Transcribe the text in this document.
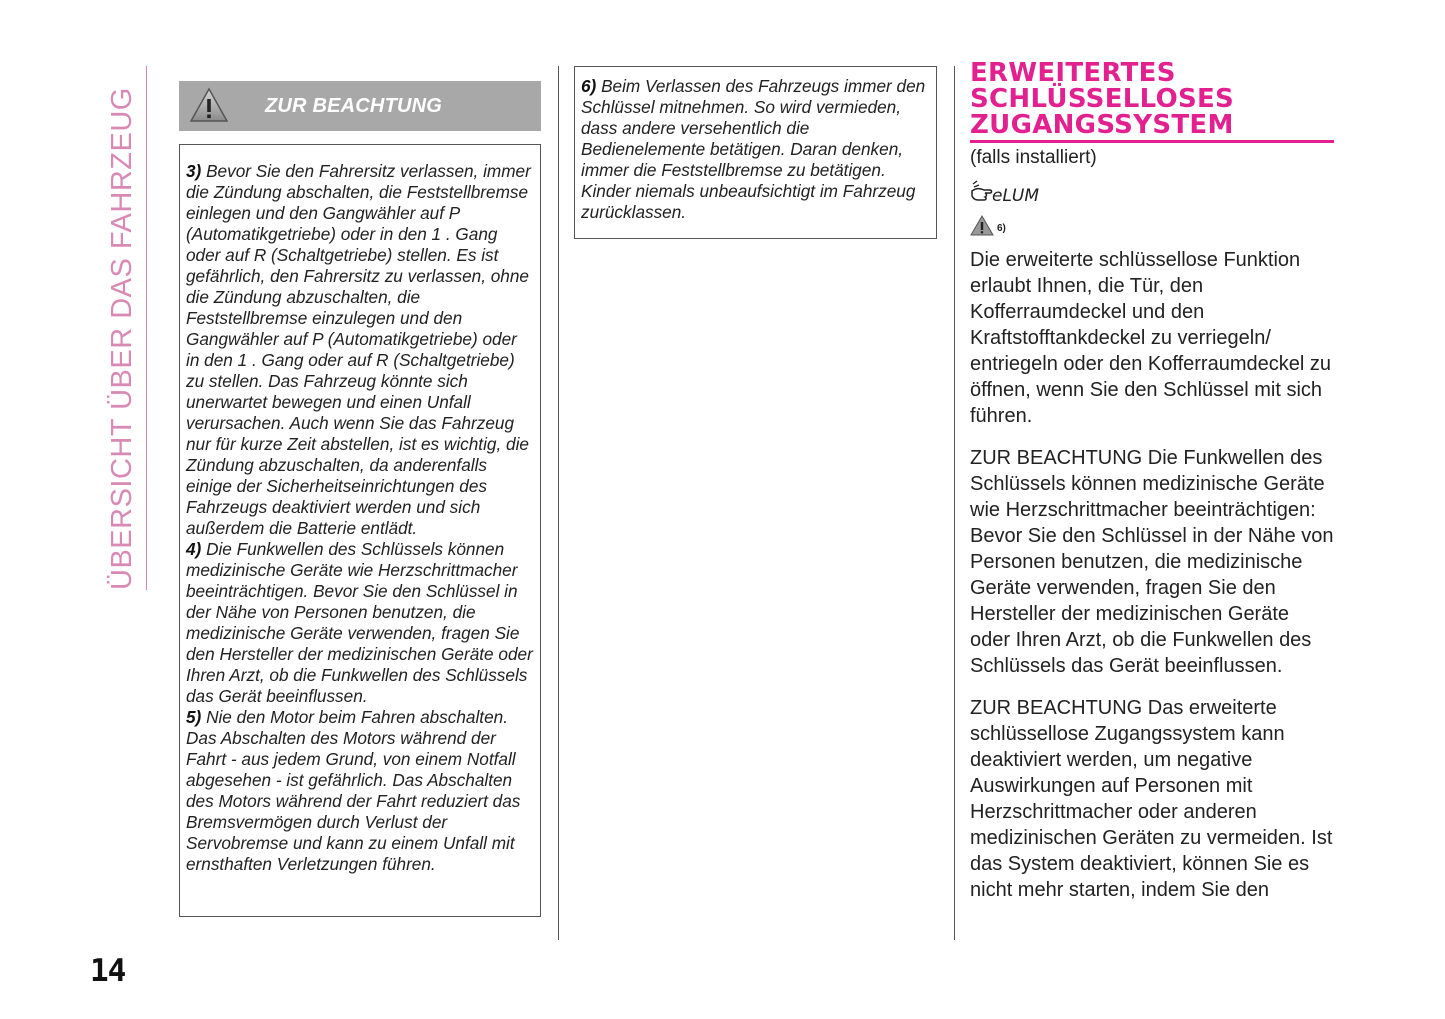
ÜBERSICHT ÜBER DAS FAHRZEUG
14
ZUR BEACHTUNG

3) Bevor Sie den Fahrersitz verlassen, immer die Zündung abschalten, die Feststellbremse einlegen und den Gangwähler auf P (Automatikgetriebe) oder in den 1 . Gang oder auf R (Schaltgetriebe) stellen. Es ist gefährlich, den Fahrersitz zu verlassen, ohne die Zündung abzuschalten, die Feststellbremse einzulegen und den Gangwähler auf P (Automatikgetriebe) oder in den 1 . Gang oder auf R (Schaltgetriebe) zu stellen. Das Fahrzeug könnte sich unerwartet bewegen und einen Unfall verursachen. Auch wenn Sie das Fahrzeug nur für kurze Zeit abstellen, ist es wichtig, die Zündung abzuschalten, da anderenfalls einige der Sicherheitseinrichtungen des Fahrzeugs deaktiviert werden und sich außerdem die Batterie entlädt.

4) Die Funkwellen des Schlüssels können medizinische Geräte wie Herzschrittmacher beeinträchtigen. Bevor Sie den Schlüssel in der Nähe von Personen benutzen, die medizinische Geräte verwenden, fragen Sie den Hersteller der medizinischen Geräte oder Ihren Arzt, ob die Funkwellen des Schlüssels das Gerät beeinflussen.

5) Nie den Motor beim Fahren abschalten. Das Abschalten des Motors während der Fahrt - aus jedem Grund, von einem Notfall abgesehen - ist gefährlich. Das Abschalten des Motors während der Fahrt reduziert das Bremsvermögen durch Verlust der Servobremse und kann zu einem Unfall mit ernsthaften Verletzungen führen.

6) Beim Verlassen des Fahrzeugs immer den Schlüssel mitnehmen. So wird vermieden, dass andere versehentlich die Bedienelemente betätigen. Daran denken, immer die Feststellbremse zu betätigen. Kinder niemals unbeaufsichtigt im Fahrzeug zurücklassen.

ERWEITERTES
SCHLÜSSELLOSES
ZUGANGSSYSTEM
(falls installiert)
eLUM
6)

Die erweiterte schlüssellose Funktion erlaubt Ihnen, die Tür, den Kofferraumdeckel und den Kraftstofftankdeckel zu verriegeln/ entriegeln oder den Kofferraumdeckel zu öffnen, wenn Sie den Schlüssel mit sich führen.

ZUR BEACHTUNG Die Funkwellen des Schlüssels können medizinische Geräte wie Herzschrittmacher beeinträchtigen: Bevor Sie den Schlüssel in der Nähe von Personen benutzen, die medizinische Geräte verwenden, fragen Sie den Hersteller der medizinischen Geräte oder Ihren Arzt, ob die Funkwellen des Schlüssels das Gerät beeinflussen.

ZUR BEACHTUNG Das erweiterte schlüssellose Zugangssystem kann deaktiviert werden, um negative Auswirkungen auf Personen mit Herzschrittmacher oder anderen medizinischen Geräten zu vermeiden. Ist das System deaktiviert, können Sie es nicht mehr starten, indem Sie den
